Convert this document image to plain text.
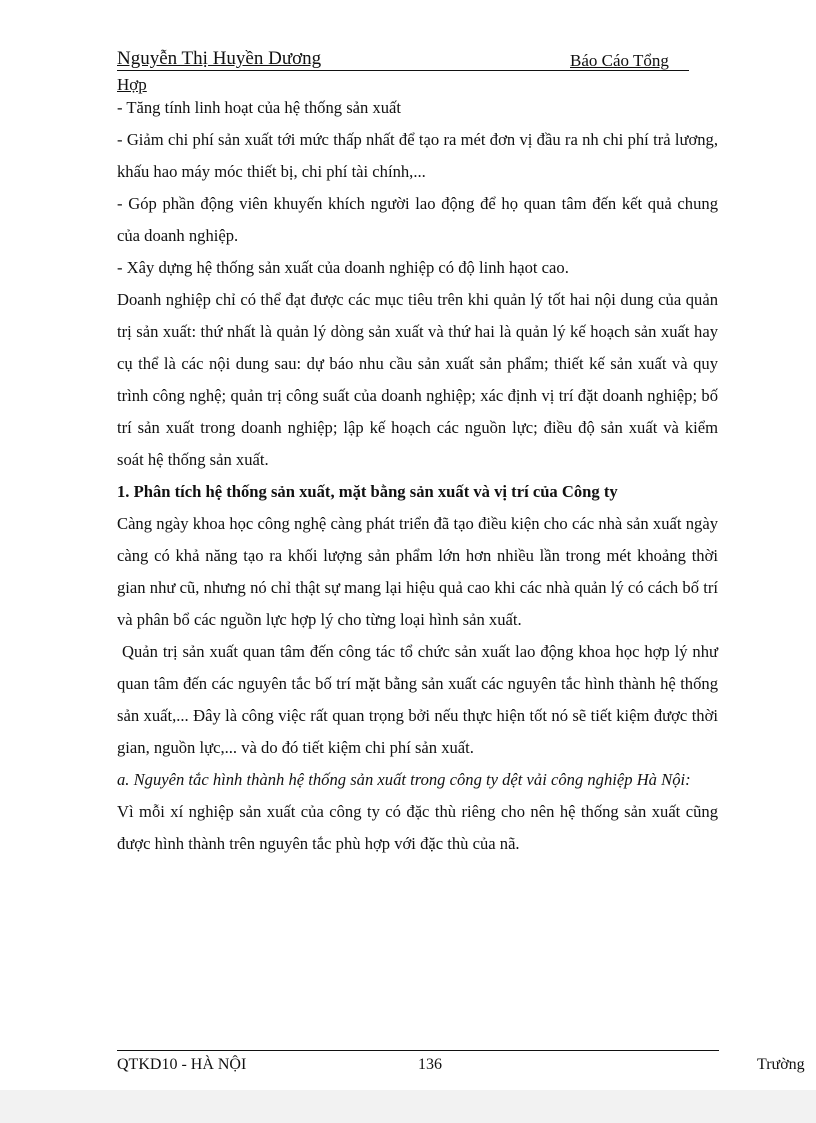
Nguyễn Thị Huyền Dương	Báo Cáo Tổng
Hợp

- Tăng tính linh hoạt của hệ thống sản xuất

- Giảm chi phí sản xuất tới mức thấp nhất để tạo ra mét đơn vị đầu ra nh chi phí trả lương, khấu hao máy móc thiết bị, chi phí tài chính,...

- Góp phần động viên khuyến khích người lao động để họ quan tâm đến kết quả chung của doanh nghiệp.

- Xây dựng hệ thống sản xuất của doanh nghiệp có độ linh hạot cao.

Doanh nghiệp chỉ có thể đạt được các mục tiêu trên khi quản lý tốt hai nội dung của quản trị sản xuất: thứ nhất là quản lý dòng sản xuất và thứ hai là quản lý kế hoạch sản xuất hay cụ thể là các nội dung sau: dự báo nhu cầu sản xuất sản phẩm; thiết kế sản xuất và quy trình công nghệ; quản trị công suất của doanh nghiệp; xác định vị trí đặt doanh nghiệp; bố trí sản xuất trong doanh nghiệp; lập kế hoạch các nguồn lực; điều độ sản xuất và kiểm soát hệ thống sản xuất.

1. Phân tích hệ thống sản xuất, mặt bằng sản xuất và vị trí của Công ty

Càng ngày khoa học công nghệ càng phát triển đã tạo điều kiện cho các nhà sản xuất ngày càng có khả năng tạo ra khối lượng sản phẩm lớn hơn nhiều lần trong mét khoảng thời gian như cũ, nhưng nó chỉ thật sự mang lại hiệu quả cao khi các nhà quản lý có cách bố trí và phân bổ các nguồn lực hợp lý cho từng loại hình sản xuất.

Quản trị sản xuất quan tâm đến công tác tổ chức sản xuất lao động khoa học hợp lý như quan tâm đến các nguyên tắc bố trí mặt bằng sản xuất các nguyên tắc hình thành hệ thống sản xuất,... Đây là công việc rất quan trọng bởi nếu thực hiện tốt nó sẽ tiết kiệm được thời gian, nguồn lực,... và do đó tiết kiệm chi phí sản xuất.

a. Nguyên tắc hình thành hệ thống sản xuất trong công ty dệt vải công nghiệp Hà Nội:

Vì mỗi xí nghiệp sản xuất của công ty có đặc thù riêng cho nên hệ thống sản xuất cũng được hình thành trên nguyên tắc phù hợp với đặc thù của nã.

QTKD10 - HÀ NỘI	136	Trường
